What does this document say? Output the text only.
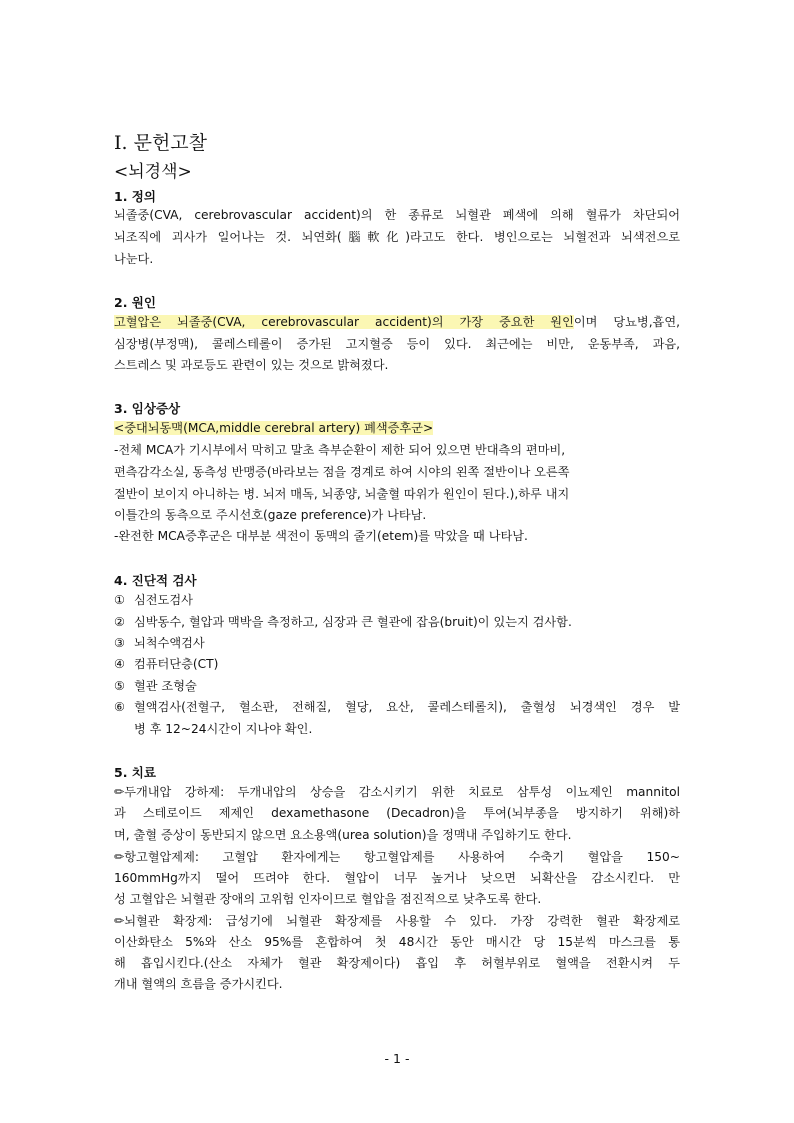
Ⅰ. 문헌고찰
<뇌경색>
1. 정의
뇌졸중(CVA, cerebrovascular accident)의 한 종류로 뇌혈관 폐색에 의해 혈류가 차단되어
뇌조직에 괴사가 일어나는 것. 뇌연화(腦軟化)라고도 한다. 병인으로는 뇌혈전과 뇌색전으로
나눈다.
2. 원인
고혈압은 뇌졸중(CVA, cerebrovascular accident)의 가장 중요한 원인이며 당뇨병,흡연,
심장병(부정맥), 콜레스테롤이 증가된 고지혈증 등이 있다. 최근에는 비만, 운동부족, 과음,
스트레스 및 과로등도 관련이 있는 것으로 밝혀졌다.
3. 임상증상
<중대뇌동맥(MCA,middle cerebral artery) 폐색증후군>
-전체 MCA가 기시부에서 막히고 말초 측부순환이 제한 되어 있으면 반대측의 편마비,
편측감각소실, 동측성 반맹증(바라보는 점을 경계로 하여 시야의 왼쪽 절반이나 오른쪽
절반이 보이지 아니하는 병. 뇌저 매독, 뇌종양, 뇌출혈 따위가 원인이 된다.),하루 내지
이틀간의 동측으로 주시선호(gaze preference)가 나타남.
-완전한 MCA증후군은 대부분 색전이 동맥의 줄기(etem)를 막았을 때 나타남.
4. 진단적 검사
① 심전도검사
② 심박동수, 혈압과 맥박을 측정하고, 심장과 큰 혈관에 잡음(bruit)이 있는지 검사함.
③ 뇌척수액검사
④ 컴퓨터단층(CT)
⑤ 혈관 조형술
⑥ 혈액검사(전혈구, 혈소판, 전해질, 혈당, 요산, 콜레스테롤치), 출혈성 뇌경색인 경우 발
병 후 12~24시간이 지나야 확인.
5. 치료
✏두개내압 강하제: 두개내압의 상승을 감소시키기 위한 치료로 삼투성 이뇨제인 mannitol
과 스테로이드 제제인 dexamethasone (Decadron)을 투여(뇌부종을 방지하기 위해)하
며, 출혈 증상이 동반되지 않으면 요소용액(urea solution)을 정맥내 주입하기도 한다.
✏항고혈압제제: 고혈압 환자에게는 항고혈압제를 사용하여 수축기 혈압을 150~
160mmHg까지 떨어 뜨려야 한다. 혈압이 너무 높거나 낮으면 뇌확산을 감소시킨다. 만
성 고혈압은 뇌혈관 장애의 고위험 인자이므로 혈압을 점진적으로 낮추도록 한다.
✏뇌혈관 확장제: 급성기에 뇌혈관 확장제를 사용할 수 있다. 가장 강력한 혈관 확장제로
이산화탄소 5%와 산소 95%를 혼합하여 첫 48시간 동안 매시간 당 15분씩 마스크를 통
해 흡입시킨다.(산소 자체가 혈관 확장제이다) 흡입 후 허혈부위로 혈액을 전환시켜 두
개내 혈액의 흐름을 증가시킨다.
- 1 -
